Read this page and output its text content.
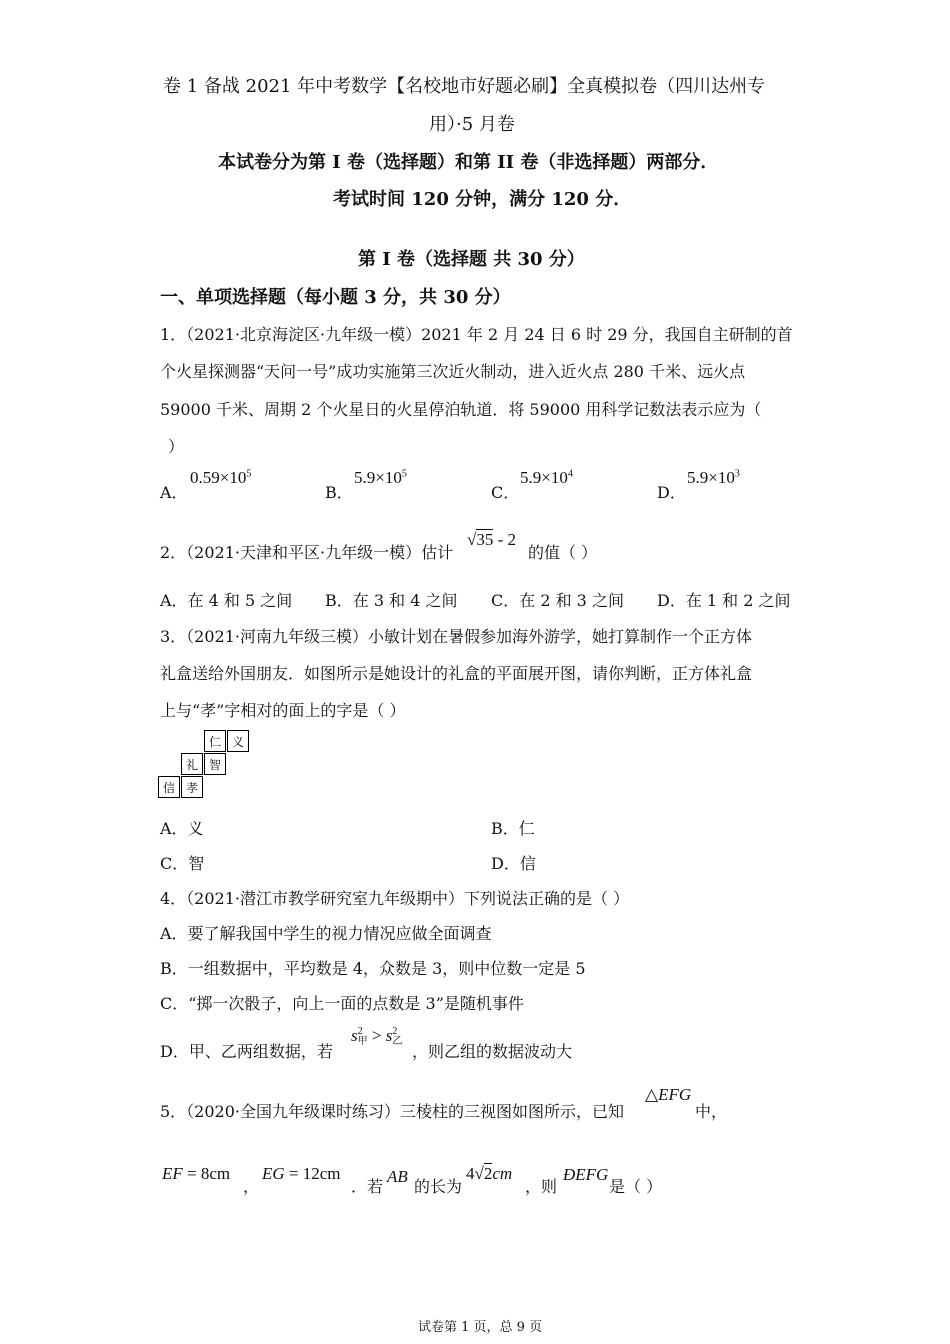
卷 1 备战 2021 年中考数学【名校地市好题必刷】全真模拟卷（四川达州专
用）·5 月卷
本试卷分为第 I 卷（选择题）和第 II 卷（非选择题）两部分．
考试时间 120 分钟，满分 120 分．
第 I 卷（选择题 共 30 分）
一、单项选择题（每小题 3 分，共 30 分）
1．（2021·北京海淀区·九年级一模）2021 年 2 月 24 日 6 时 29 分，我国自主研制的首
个火星探测器“天问一号”成功实施第三次近火制动，进入近火点 280 千米、远火点
59000 千米、周期 2 个火星日的火星停泊轨道．将 59000 用科学记数法表示应为（
）
A．
$0.59\times 10^5$
B．
$5.9\times 10^5$
C．
$5.9\times 10^4$
D．
$5.9\times 10^3$
2．（2021·天津和平区·九年级一模）估计
√35 - 2
的值（ ）
A．在 4 和 5 之间 B．在 3 和 4 之间 C．在 2 和 3 之间 D．在 1 和 2 之间
3．（2021·河南九年级三模）小敏计划在暑假参加海外游学，她打算制作一个正方体
礼盒送给外国朋友．如图所示是她设计的礼盒的平面展开图，请你判断，正方体礼盒
上与“孝”字相对的面上的字是（ ）
仁 义
礼 智
信 孝
A．义	B．仁
C．智	D．信
4．（2021·潜江市教学研究室九年级期中）下列说法正确的是（ ）
A．要了解我国中学生的视力情况应做全面调查
B．一组数据中，平均数是 4，众数是 3，则中位数一定是 5
C．“掷一次骰子，向上一面的点数是 3”是随机事件
D．甲、乙两组数据，若
s 2
甲 > s 2
乙
，则乙组的数据波动大
5．（2020·全国九年级课时练习）三棱柱的三视图如图所示，已知
△EFG
中，
EF = 8cm
，
EG = 12cm
．若
AB
的长为
4√2cm
，则
ÐEFG
是（ ）
试卷第 1 页，总 9 页
